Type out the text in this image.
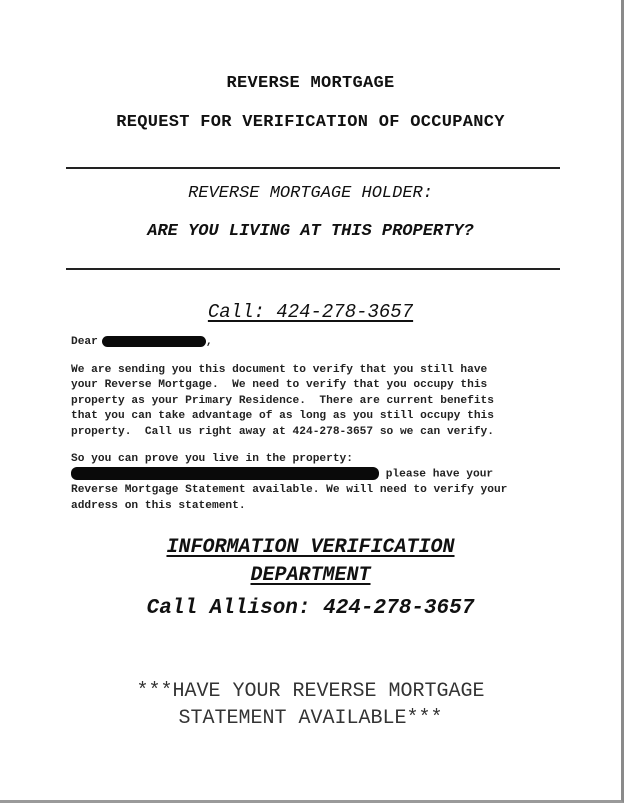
REVERSE MORTGAGE
REQUEST FOR VERIFICATION OF OCCUPANCY
REVERSE MORTGAGE HOLDER:
ARE YOU LIVING AT THIS PROPERTY?
Call: 424-278-3657
Dear	,
We are sending you this document to verify that you still have
your Reverse Mortgage.  We need to verify that you occupy this
property as your Primary Residence.  There are current benefits
that you can take advantage of as long as you still occupy this
property.  Call us right away at 424-278-3657 so we can verify.
So you can prove you live in the property:
please have your
Reverse Mortgage Statement available. We will need to verify your
address on this statement.
INFORMATION VERIFICATION
DEPARTMENT
Call Allison: 424-278-3657
***HAVE YOUR REVERSE MORTGAGE
STATEMENT AVAILABLE***
